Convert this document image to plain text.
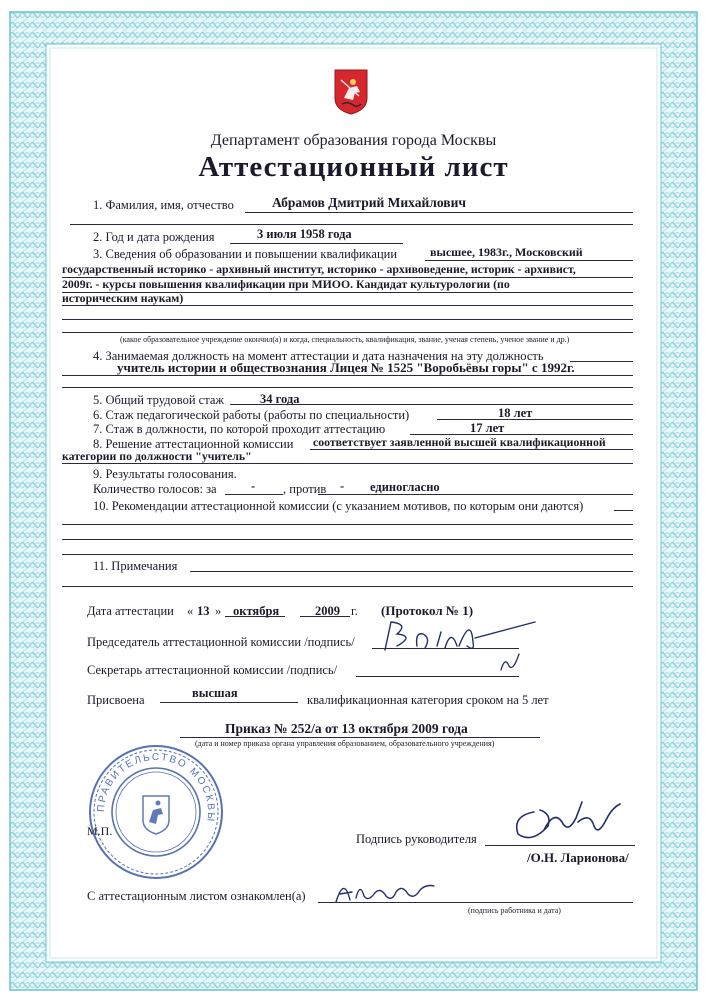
Департамент образования города Москвы
Аттестационный лист
1. Фамилия, имя, отчество	Абрамов Дмитрий Михайлович
2. Год и дата рождения	3 июля 1958 года
3. Сведения об образовании и повышении квалификации	высшее, 1983г., Московский
государственный историко - архивный институт, историко - архивоведение, историк - архивист,
2009г. - курсы повышения квалификации при МИОО. Кандидат культурологии (по
историческим наукам)
(какое образовательное учреждение окончил(а) и когда, специальность, квалификация, звание, ученая степень, ученое звание и др.)
4. Занимаемая должность на момент аттестации и дата назначения на эту должность
учитель истории и обществознания Лицея № 1525 "Воробьёвы горы" с 1992г.
5. Общий трудовой стаж	34 года
6. Стаж педагогической работы (работы по специальности)	18 лет
7. Стаж в должности, по которой проходит аттестацию	17 лет
8. Решение аттестационной комиссии соответствует заявленной высшей квалификационной
категории по должности "учитель"
9. Результаты голосования.
Количество голосов: за	- , против - единогласно
10. Рекомендации аттестационной комиссии (с указанием мотивов, по которым они даются)
11. Примечания
Дата аттестации « 13 » октября	2009 г. (Протокол № 1)
Председатель аттестационной комиссии /подпись/
Секретарь аттестационной комиссии /подпись/
Присвоена	высшая	квалификационная категория сроком на 5 лет
Приказ № 252/а от 13 октября 2009 года
(дата и номер приказа органа управления образованием, образовательного учреждения)
ПРАВИТЕЛЬСТВО МОСКВЫ
М.П.
Подпись руководителя
/О.Н. Ларионова/
С аттестационным листом ознакомлен(а)
(подпись работника и дата)
